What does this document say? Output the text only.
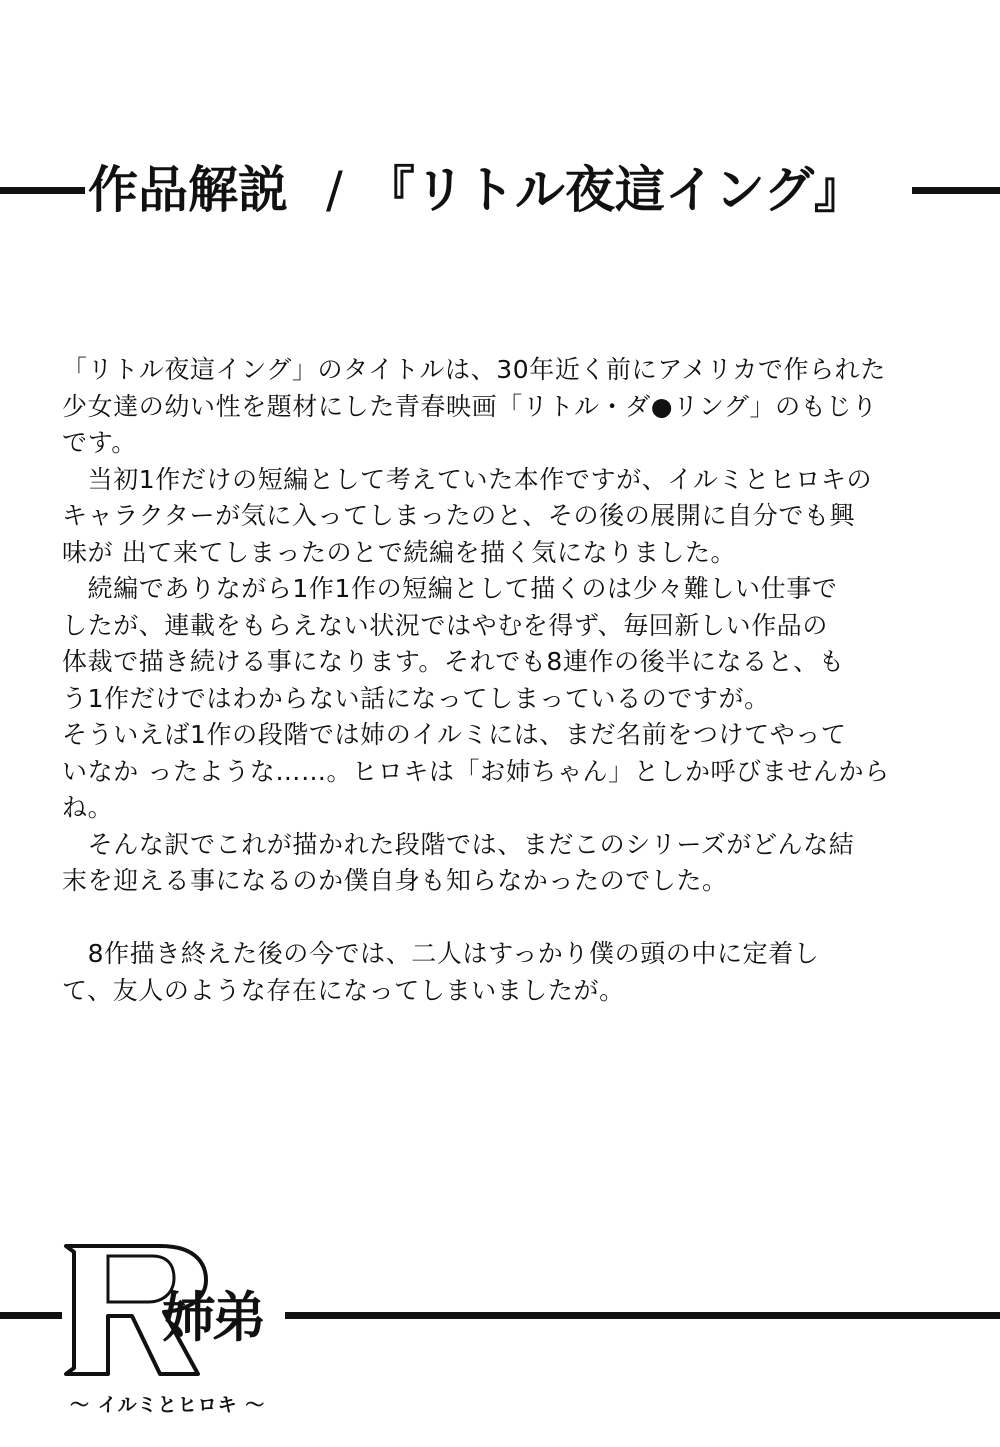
作品解説 / 『リトル夜這イング』
「リトル夜這イング」のタイトルは、30年近く前にアメリカで作られた
少女達の幼い性を題材にした青春映画「リトル・ダ●リング」のもじり
です。
　当初1作だけの短編として考えていた本作ですが、イルミとヒロキの
キャラクターが気に入ってしまったのと、その後の展開に自分でも興
味が 出て来てしまったのとで続編を描く気になりました。
　続編でありながら1作1作の短編として描くのは少々難しい仕事で
したが、連載をもらえない状況ではやむを得ず、毎回新しい作品の
体裁で描き続ける事になります。それでも8連作の後半になると、も
う1作だけではわからない話になってしまっているのですが。
そういえば1作の段階では姉のイルミには、まだ名前をつけてやって
いなか ったような……。ヒロキは「お姉ちゃん」としか呼びませんから
ね。
　そんな訳でこれが描かれた段階では、まだこのシリーズがどんな結
末を迎える事になるのか僕自身も知らなかったのでした。
　8作描き終えた後の今では、二人はすっかり僕の頭の中に定着し
て、友人のような存在になってしまいましたが。
姉弟
～ イルミとヒロキ ～
